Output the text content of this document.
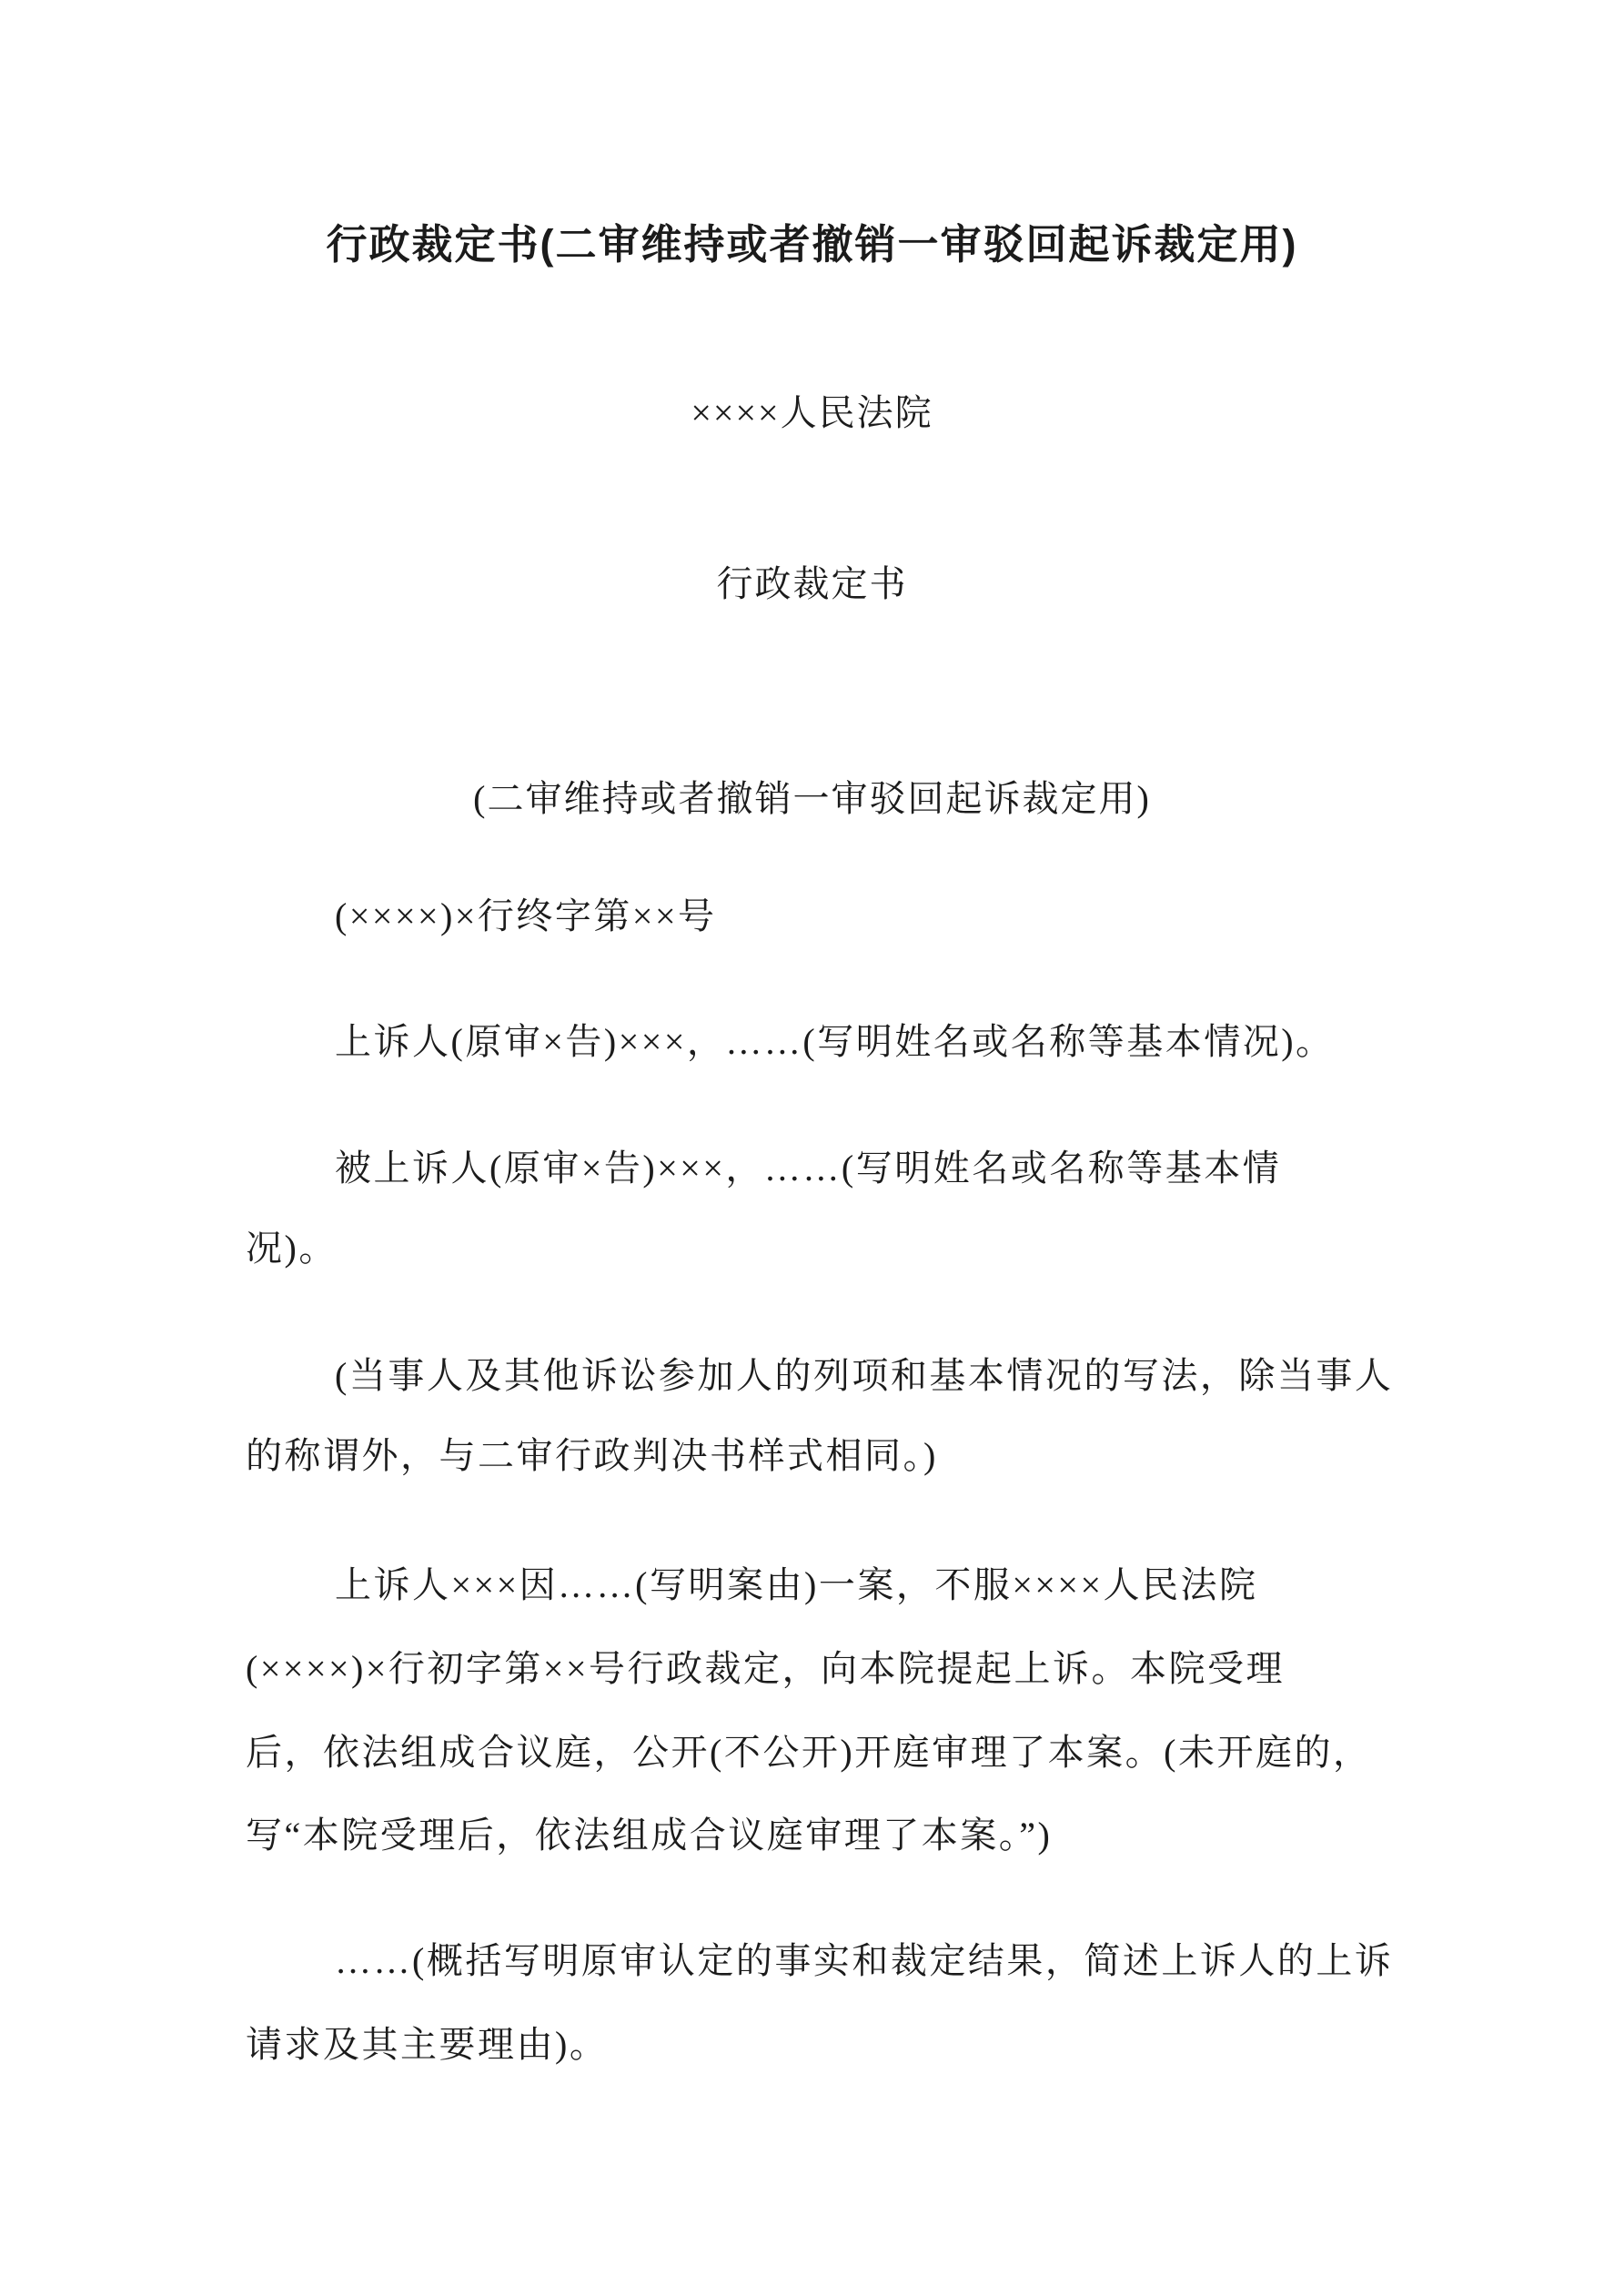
行政裁定书(二审维持或者撤销一审驳回起诉裁定用)
××××人民法院
行政裁定书
(二审维持或者撤销一审驳回起诉裁定用)
(××××)×行终字第××号
上诉人(原审×告)×××，……(写明姓名或名称等基本情况)。
被上诉人(原审×告)×××，……(写明姓名或名称等基本情
况)。
(当事人及其他诉讼参加人的列项和基本情况的写法，除当事人
的称谓外，与二审行政判决书样式相同。)
上诉人×××因……(写明案由)一案，不服××××人民法院
(××××)×行初字第××号行政裁定，向本院提起上诉。本院受理
后，依法组成合议庭，公开(不公开)开庭审理了本案。(未开庭的，
写“本院受理后，依法组成合议庭审理了本案。”)
……(概括写明原审认定的事实和裁定结果，简述上诉人的上诉
请求及其主要理由)。
